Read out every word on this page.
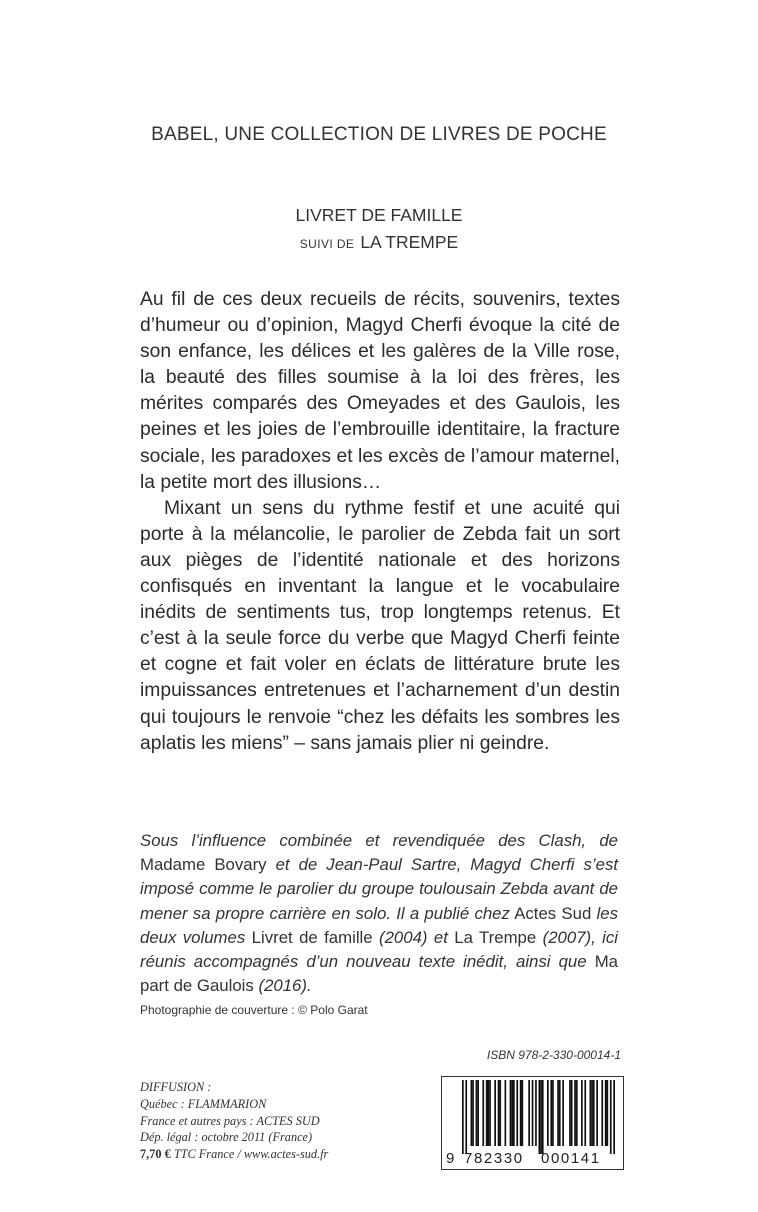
BABEL, UNE COLLECTION DE LIVRES DE POCHE
LIVRET DE FAMILLE
SUIVI DE LA TREMPE

Au fil de ces deux recueils de récits, souvenirs, textes d’humeur ou d’opinion, Magyd Cherfi évoque la cité de son enfance, les délices et les galères de la Ville rose, la beauté des filles soumise à la loi des frères, les mérites comparés des Omeyades et des Gaulois, les peines et les joies de l’embrouille identitaire, la fracture sociale, les paradoxes et les excès de l’amour maternel, la petite mort des illusions…

Mixant un sens du rythme festif et une acuité qui porte à la mélancolie, le parolier de Zebda fait un sort aux pièges de l’identité nationale et des horizons confisqués en inventant la langue et le vocabulaire inédits de sentiments tus, trop longtemps retenus. Et c’est à la seule force du verbe que Magyd Cherfi feinte et cogne et fait voler en éclats de littérature brute les impuissances entretenues et l’acharnement d’un destin qui toujours le renvoie “chez les défaits les sombres les aplatis les miens” – sans jamais plier ni geindre.

Sous l’influence combinée et revendiquée des Clash, de Madame Bovary et de Jean-Paul Sartre, Magyd Cherfi s’est imposé comme le parolier du groupe toulousain Zebda avant de mener sa propre carrière en solo. Il a publié chez Actes Sud les deux volumes Livret de famille (2004) et La Trempe (2007), ici réunis accompagnés d’un nouveau texte inédit, ainsi que Ma part de Gaulois (2016).

Photographie de couverture : © Polo Garat
ISBN 978-2-330-00014-1
DIFFUSION :
Québec : FLAMMARION
France et autres pays : ACTES SUD
Dép. légal : octobre 2011 (France)
7,70 € TTC France / www.actes-sud.fr	9 782330 000141
